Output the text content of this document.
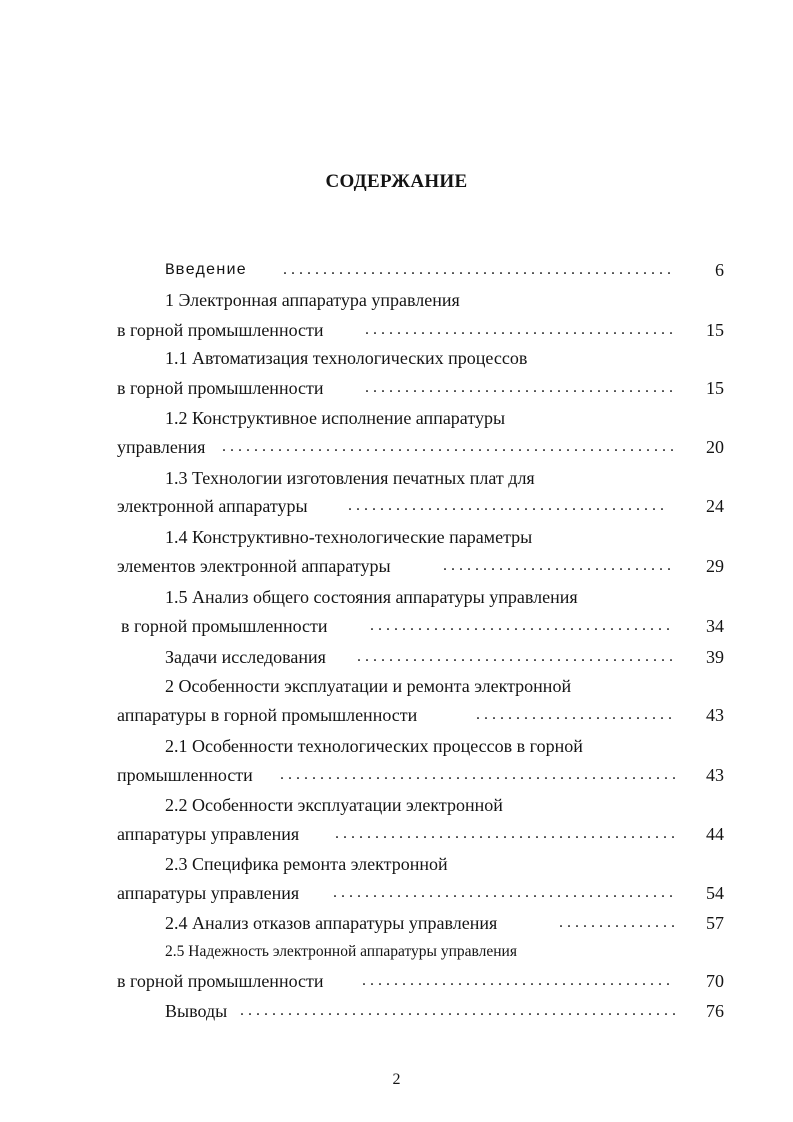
СОДЕРЖАНИЕ
Введение . . .	6
1 Электронная аппаратура управления
в горной промышленности . . .	15
1.1 Автоматизация технологических процессов
в горной промышленности . . .	15
1.2 Конструктивное исполнение аппаратуры
управления . . .	20
1.3 Технологии изготовления печатных плат для
электронной аппаратуры . . .	24
1.4 Конструктивно-технологические параметры
элементов электронной аппаратуры . . .	29
1.5 Анализ общего состояния аппаратуры управления
в горной промышленности . . .	34
Задачи исследования . . .	39
2 Особенности эксплуатации и ремонта электронной
аппаратуры в горной промышленности . . .	43
2.1 Особенности технологических процессов в горной
промышленности . . .	43
2.2 Особенности эксплуатации электронной
аппаратуры управления . . .	44
2.3 Специфика ремонта электронной
аппаратуры управления . . .	54
2.4 Анализ отказов аппаратуры управления . . .	57
2.5 Надежность электронной аппаратуры управления
в горной промышленности . . .	70
Выводы . . .	76
2
